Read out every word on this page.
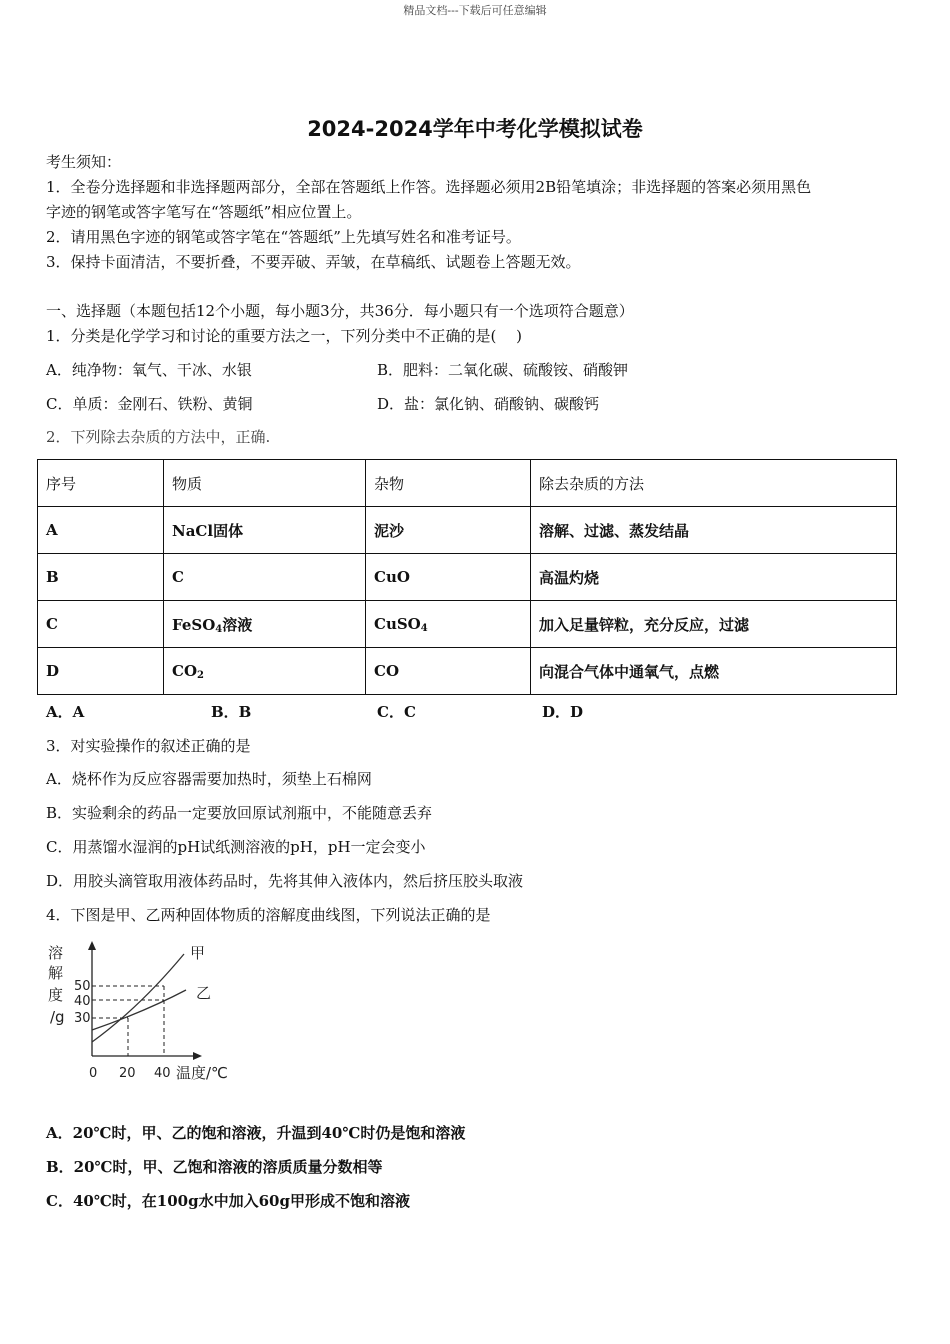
精品文档---下载后可任意编辑
2024-2024学年中考化学模拟试卷
考生须知：
1．全卷分选择题和非选择题两部分，全部在答题纸上作答。选择题必须用2B铅笔填涂；非选择题的答案必须用黑色
字迹的钢笔或答字笔写在“答题纸”相应位置上。
2．请用黑色字迹的钢笔或答字笔在“答题纸”上先填写姓名和准考证号。
3．保持卡面清洁，不要折叠，不要弄破、弄皱，在草稿纸、试题卷上答题无效。
一、选择题（本题包括12个小题，每小题3分，共36分．每小题只有一个选项符合题意）
1．分类是化学学习和讨论的重要方法之一，下列分类中不正确的是(　 )
A．纯净物：氧气、干冰、水银	B．肥料：二氧化碳、硫酸铵、硝酸钾
C．单质：金刚石、铁粉、黄铜	D．盐：氯化钠、硝酸钠、碳酸钙
2．下列除去杂质的方法中，正确.
序号	物质	杂物	除去杂质的方法
A	NaCl固体	泥沙	溶解、过滤、蒸发结晶
B	C	CuO	高温灼烧
C	FeSO$_4$溶液	CuSO$_4$	加入足量锌粒，充分反应，过滤
D	$CO_2$	CO	向混合气体中通氧气，点燃
A．A	B．B	C．C	D．D
3．对实验操作的叙述正确的是
A．烧杯作为反应容器需要加热时，须垫上石棉网
B．实验剩余的药品一定要放回原试剂瓶中，不能随意丢弃
C．用蒸馏水湿润的pH试纸测溶液的pH，pH一定会变小
D．用胶头滴管取用液体药品时，先将其伸入液体内，然后挤压胶头取液
4．下图是甲、乙两种固体物质的溶解度曲线图，下列说法正确的是
溶
解
度
/g
甲
乙
50
40
30
0 20 40 温度/℃
A．20℃时，甲、乙的饱和溶液，升温到40℃时仍是饱和溶液
B．20℃时，甲、乙饱和溶液的溶质质量分数相等
C．40℃时，在100g水中加入60g甲形成不饱和溶液
